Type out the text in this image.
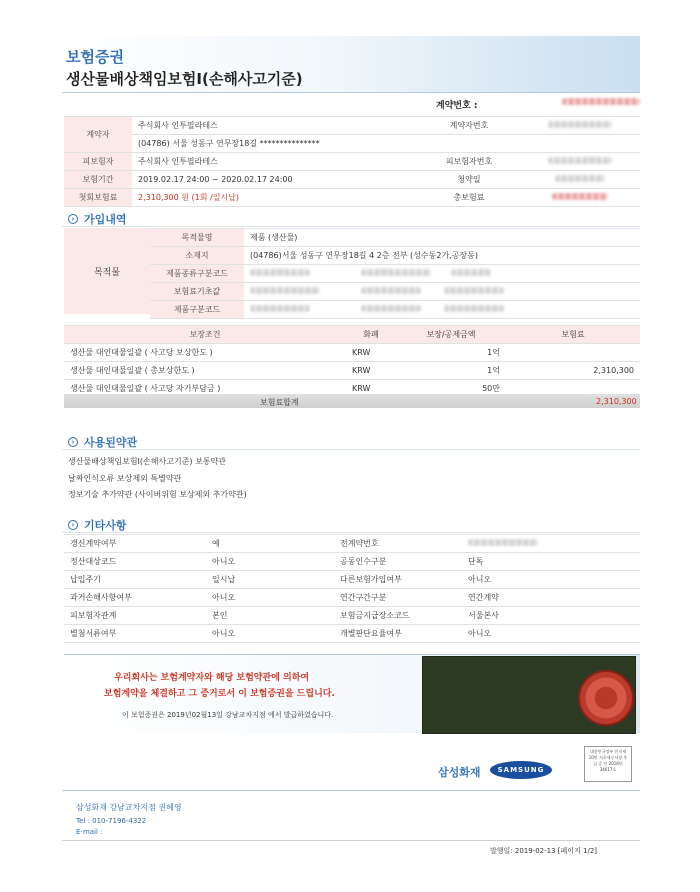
보험증권
생산물배상책임보험Ⅰ(손해사고기준)
계약번호 :
계약자	주식회사 인투필라테스	계약자번호	
	(04786) 서울 성동구 연무장18길 ***************		
피보험자	주식회사 인투필라테스	피보험자번호	
보험기간	2019.02.17 24:00 ~ 2020.02.17 24:00	청약일	
첫회보험료	2,310,300 원 (1회 /일시납)	총보험료	
› 가입내역
목적물
목적물명	제품 (생산물)
소재지	(04786)서울 성동구 연무장18길 4 2층 전부 (성수동2가,공장동)
제품종류구분코드	
보험료기초값	
제품구분코드	
보장조건	화폐	보장/공제금액	보험료
생산물 대인대물일괄 ( 사고당 보상한도 )	KRW	1억	
생산물 대인대물일괄 ( 총보상한도 )	KRW	1억	2,310,300
생산물 대인대물일괄 ( 사고당 자기부담금 )	KRW	50만	
보험료합계	2,310,300
› 사용된약관
생산물배상책임보험Ⅰ(손해사고기준) 보통약관
날짜인식오류 보상제외 특별약관
정보기술 추가약관 (사이버위험 보상제외 추가약관)
› 기타사항
갱신계약여부	예	전계약번호	
정산대상코드	아니오	공동인수구분	단독
납입주기	일시납	다른보험가입여부	아니오
과거손해사항여부	아니오	연간구간구분	연간계약
피보험자관계	본인	보험금지급장소코드	서울본사
별첨서류여부	아니오	개별판단요율여부	아니오
우리회사는 보험계약자와 해당 보험약관에 의하여
보험계약을 체결하고 그 증거로서 이 보험증권을 드립니다.
이 보험증권은 2019년02월13일 강남교차지점 에서 발급하였습니다.
삼성화재	SAMSUNG
대한민국정부 인지세 10만 서초세무서장 후 납 승 인 2018년 34617호
삼성화재 강남교차지점 권혜영
Tel : 010-7196-4322
E-mail :
발행일: 2019-02-13 [페이지 1/2]
